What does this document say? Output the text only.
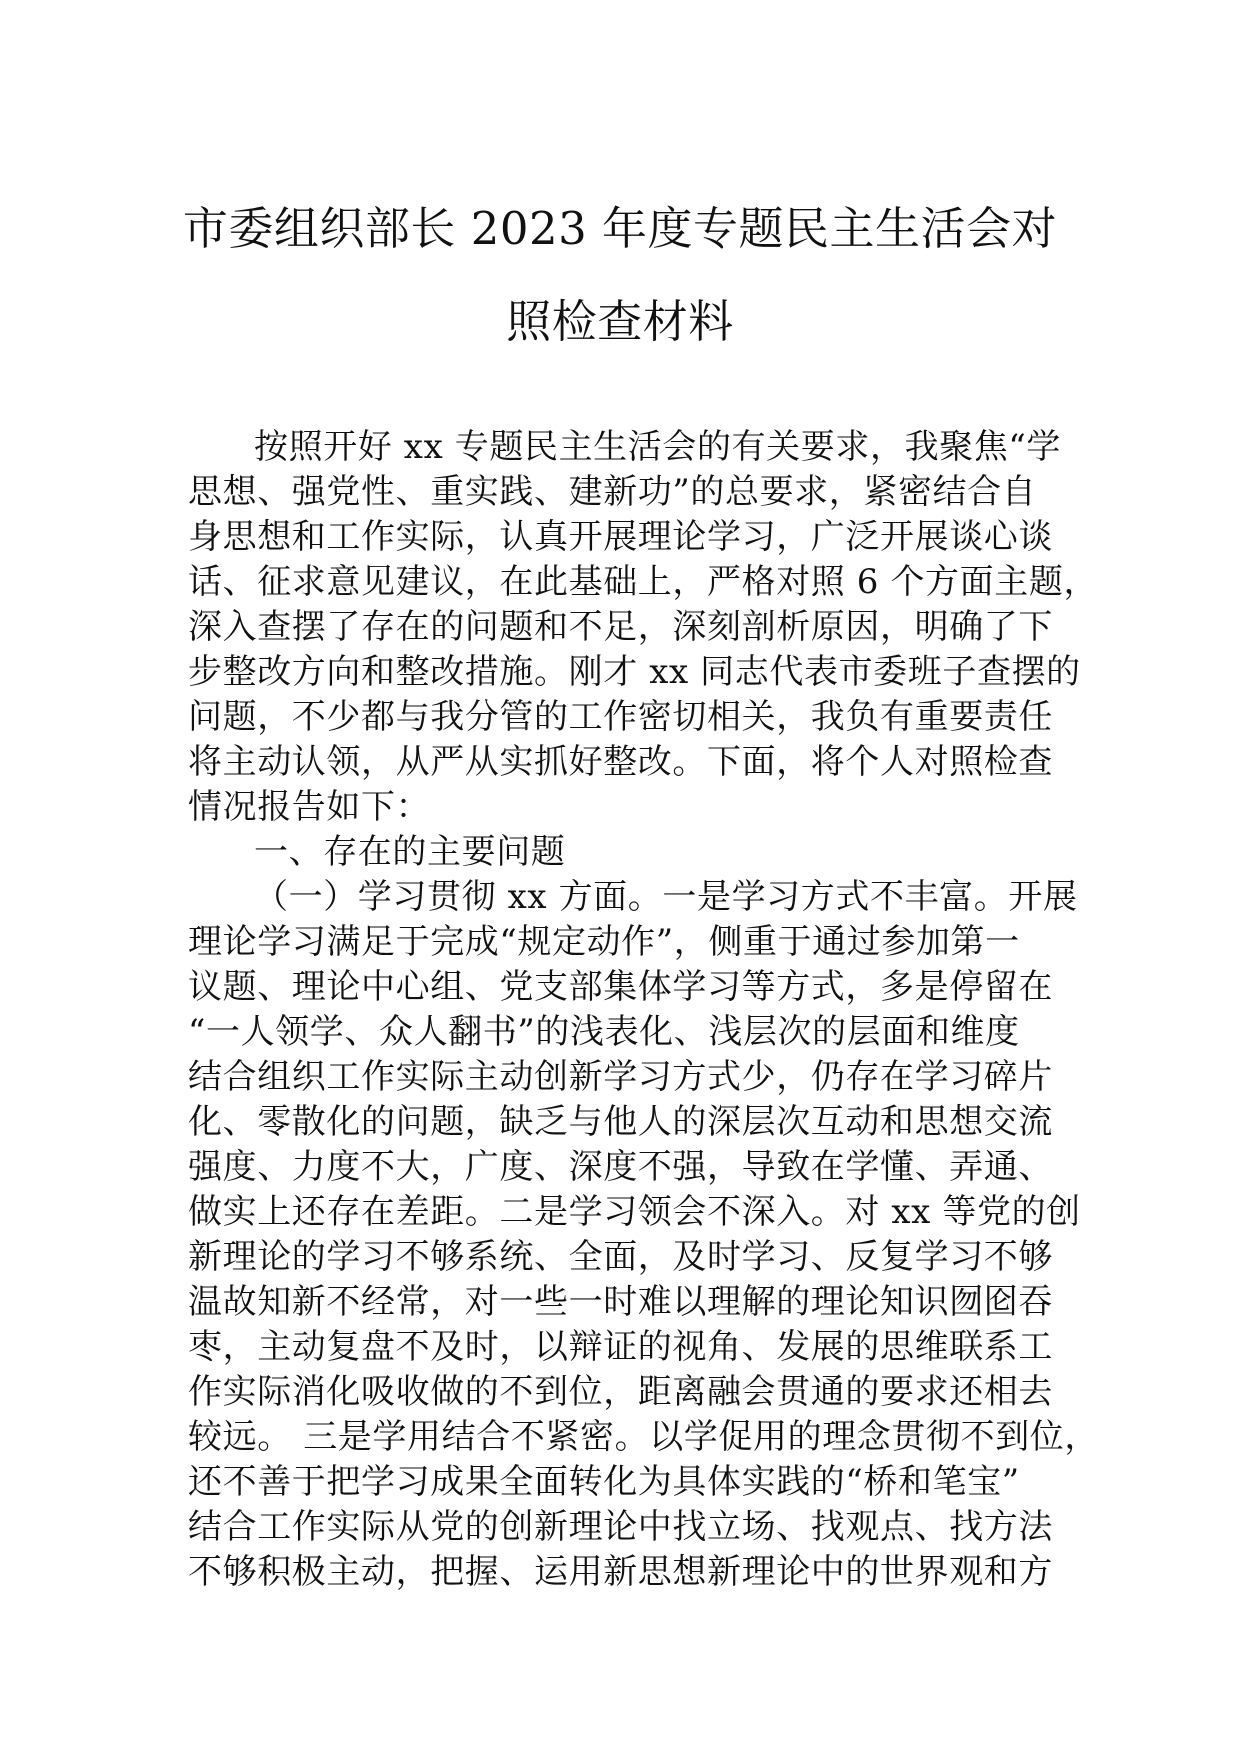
市委组织部长 2023 年度专题民主生活会对
照检查材料
按照开好 xx 专题民主生活会的有关要求，我聚焦“学
思想、强党性、重实践、建新功”的总要求，紧密结合自
身思想和工作实际，认真开展理论学习，广泛开展谈心谈
话、征求意见建议，在此基础上，严格对照 6 个方面主题，
深入查摆了存在的问题和不足，深刻剖析原因，明确了下
步整改方向和整改措施。刚才 xx 同志代表市委班子查摆的
问题，不少都与我分管的工作密切相关，我负有重要责任
将主动认领，从严从实抓好整改。下面，将个人对照检查
情况报告如下：
一、存在的主要问题
（一）学习贯彻 xx 方面。一是学习方式不丰富。开展
理论学习满足于完成“规定动作”，侧重于通过参加第一
议题、理论中心组、党支部集体学习等方式，多是停留在
“一人领学、众人翻书”的浅表化、浅层次的层面和维度
结合组织工作实际主动创新学习方式少，仍存在学习碎片
化、零散化的问题，缺乏与他人的深层次互动和思想交流
强度、力度不大，广度、深度不强，导致在学懂、弄通、
做实上还存在差距。二是学习领会不深入。对 xx 等党的创
新理论的学习不够系统、全面，及时学习、反复学习不够
温故知新不经常，对一些一时难以理解的理论知识囫囵吞
枣，主动复盘不及时，以辩证的视角、发展的思维联系工
作实际消化吸收做的不到位，距离融会贯通的要求还相去
较远。 三是学用结合不紧密。以学促用的理念贯彻不到位，
还不善于把学习成果全面转化为具体实践的“桥和笔宝”
结合工作实际从党的创新理论中找立场、找观点、找方法
不够积极主动，把握、运用新思想新理论中的世界观和方
